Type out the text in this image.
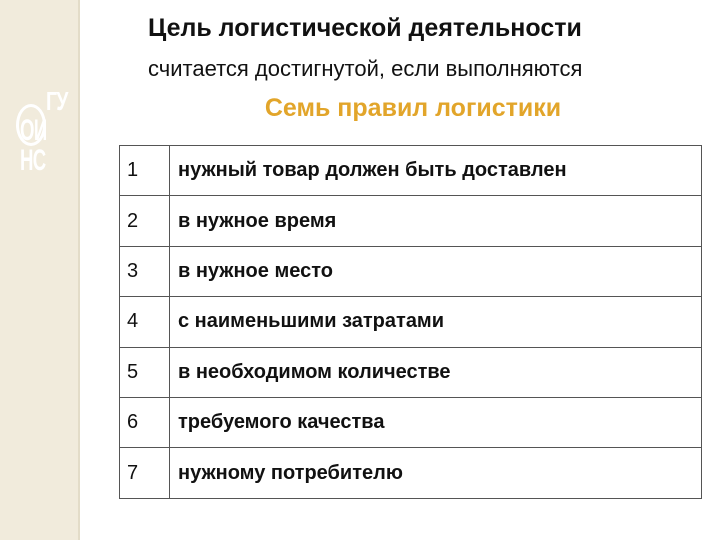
ГУ
ОИ НС
Цель логистической деятельности
считается достигнутой, если выполняются
Семь правил логистики
1	нужный товар должен быть доставлен
2	в нужное время
3	в нужное место
4	с наименьшими затратами
5	в необходимом количестве
6	требуемого качества
7	нужному потребителю
